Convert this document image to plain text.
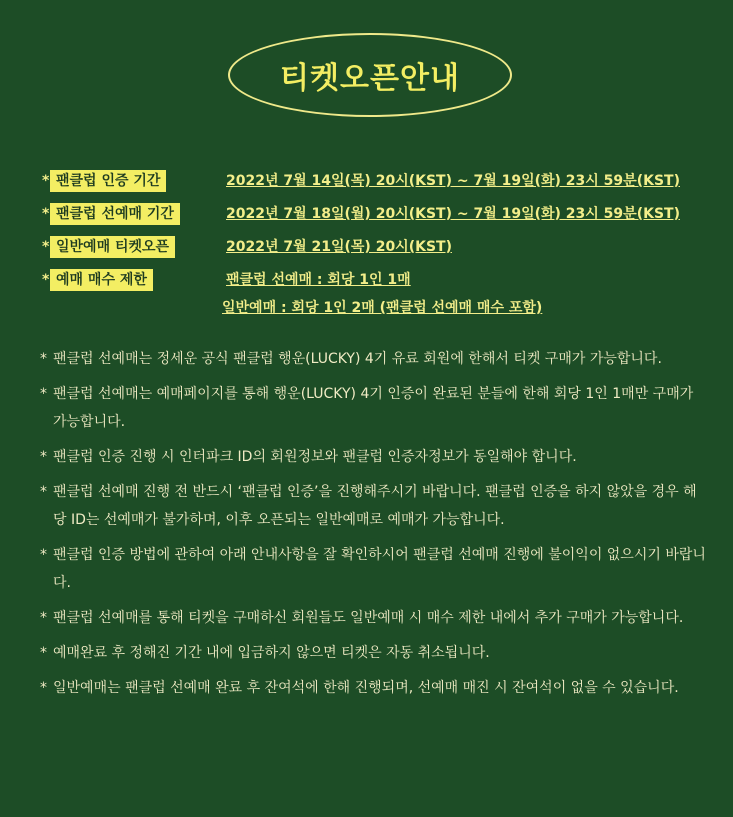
티켓오픈안내
* 팬클럽 인증 기간	2022년 7월 14일(목) 20시(KST) ~ 7월 19일(화) 23시 59분(KST)
* 팬클럽 선예매 기간	2022년 7월 18일(월) 20시(KST) ~ 7월 19일(화) 23시 59분(KST)
* 일반예매 티켓오픈	2022년 7월 21일(목) 20시(KST)
* 예매 매수 제한	팬클럽 선예매 : 회당 1인 1매
일반예매 : 회당 1인 2매 (팬클럽 선예매 매수 포함)
* 팬클럽 선예매는 정세운 공식 팬클럽 행운(LUCKY) 4기 유료 회원에 한해서 티켓 구매가 가능합니다.
* 팬클럽 선예매는 예매페이지를 통해 행운(LUCKY) 4기 인증이 완료된 분들에 한해 회당 1인 1매만 구매가 가능합니다.
* 팬클럽 인증 진행 시 인터파크 ID의 회원정보와 팬클럽 인증자정보가 동일해야 합니다.
* 팬클럽 선예매 진행 전 반드시 ‘팬클럽 인증’을 진행해주시기 바랍니다. 팬클럽 인증을 하지 않았을 경우 해당 ID는 선예매가 불가하며, 이후 오픈되는 일반예매로 예매가 가능합니다.
* 팬클럽 인증 방법에 관하여 아래 안내사항을 잘 확인하시어 팬클럽 선예매 진행에 불이익이 없으시기 바랍니다.
* 팬클럽 선예매를 통해 티켓을 구매하신 회원들도 일반예매 시 매수 제한 내에서 추가 구매가 가능합니다.
* 예매완료 후 정해진 기간 내에 입금하지 않으면 티켓은 자동 취소됩니다.
* 일반예매는 팬클럽 선예매 완료 후 잔여석에 한해 진행되며, 선예매 매진 시 잔여석이 없을 수 있습니다.
